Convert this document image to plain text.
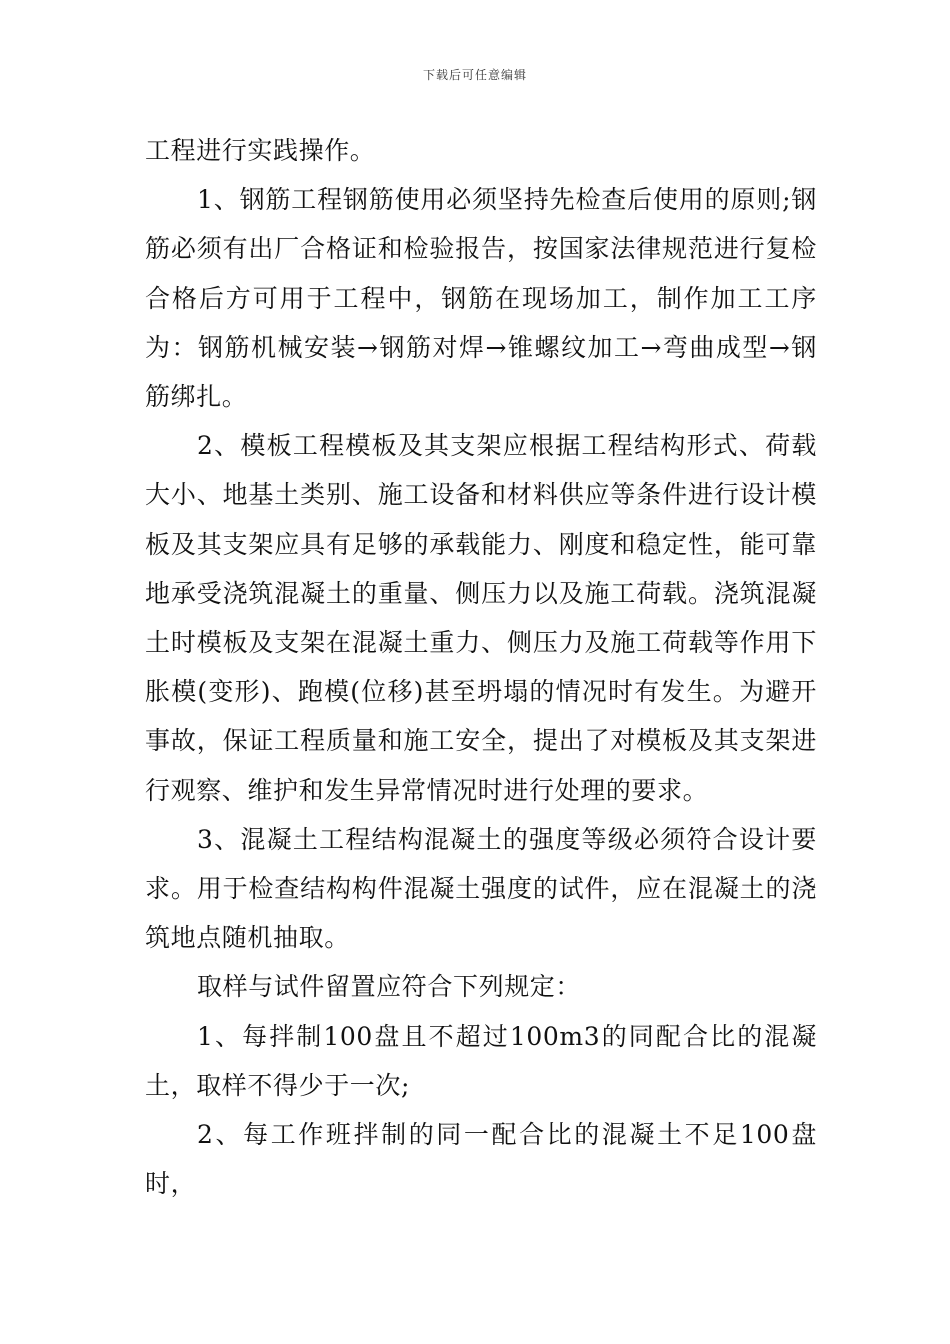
下载后可任意编辑

工程进行实践操作。

1、钢筋工程钢筋使用必须坚持先检查后使用的原则;钢筋必须有出厂合格证和检验报告，按国家法律规范进行复检合格后方可用于工程中，钢筋在现场加工，制作加工工序为：钢筋机械安装→钢筋对焊→锥螺纹加工→弯曲成型→钢筋绑扎。

2、模板工程模板及其支架应根据工程结构形式、荷载大小、地基土类别、施工设备和材料供应等条件进行设计模板及其支架应具有足够的承载能力、刚度和稳定性，能可靠地承受浇筑混凝土的重量、侧压力以及施工荷载。浇筑混凝土时模板及支架在混凝土重力、侧压力及施工荷载等作用下胀模(变形)、跑模(位移)甚至坍塌的情况时有发生。为避开事故，保证工程质量和施工安全，提出了对模板及其支架进行观察、维护和发生异常情况时进行处理的要求。

3、混凝土工程结构混凝土的强度等级必须符合设计要求。用于检查结构构件混凝土强度的试件，应在混凝土的浇筑地点随机抽取。

取样与试件留置应符合下列规定：

1、每拌制100盘且不超过100m3的同配合比的混凝土，取样不得少于一次;

2、每工作班拌制的同一配合比的混凝土不足100盘时，
